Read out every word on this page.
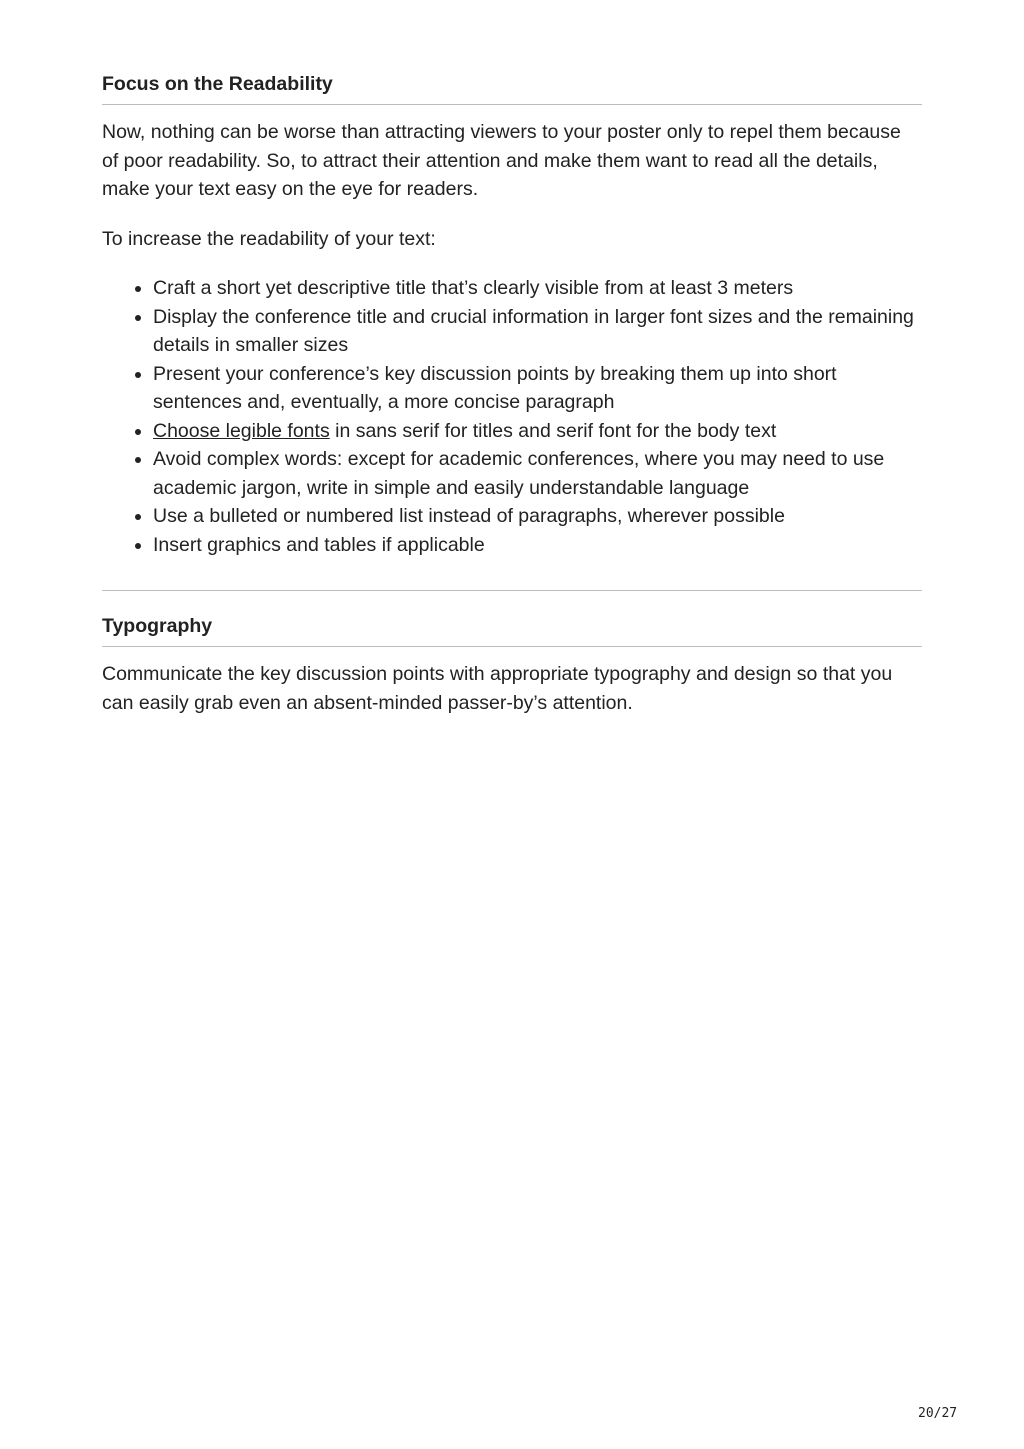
Focus on the Readability

Now, nothing can be worse than attracting viewers to your poster only to repel them because of poor readability. So, to attract their attention and make them want to read all the details, make your text easy on the eye for readers.

To increase the readability of your text:

• Craft a short yet descriptive title that’s clearly visible from at least 3 meters
• Display the conference title and crucial information in larger font sizes and the remaining details in smaller sizes
• Present your conference’s key discussion points by breaking them up into short sentences and, eventually, a more concise paragraph
• Choose legible fonts in sans serif for titles and serif font for the body text
• Avoid complex words: except for academic conferences, where you may need to use academic jargon, write in simple and easily understandable language
• Use a bulleted or numbered list instead of paragraphs, wherever possible
• Insert graphics and tables if applicable
Typography

Communicate the key discussion points with appropriate typography and design so that you can easily grab even an absent-minded passer-by’s attention.

20/27
